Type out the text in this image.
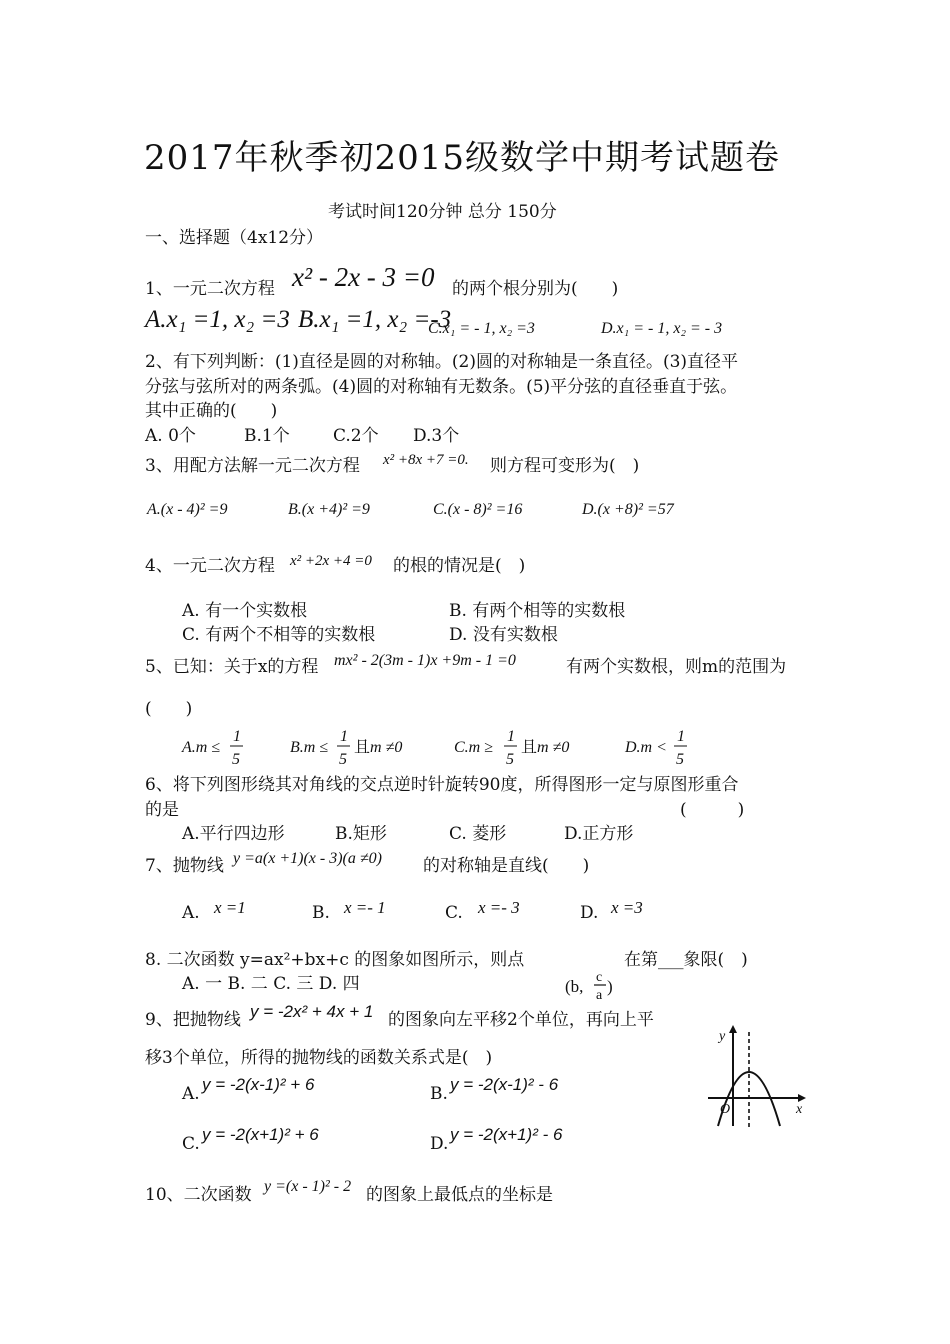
2017年秋季初2015级数学中期考试题卷
考试时间120分钟 总分 150分
一、选择题（4x12分）
1、一元二次方程 x² - 2x - 3 =0 的两个根分别为(　　)
A.x₁ =1, x₂ =3 B.x₁ =1, x₂ =-3
C.x₁ = - 1, x₂ =3	D.x₁ = - 1, x₂ = - 3
2、有下列判断：(1)直径是圆的对称轴。(2)圆的对称轴是一条直径。(3)直径平
分弦与弦所对的两条弧。(4)圆的对称轴有无数条。(5)平分弦的直径垂直于弦。
其中正确的(　　)
A. 0个	B.1个	C.2个 D.3个
3、用配方法解一元二次方程 x² +8x +7 =0. 则方程可变形为(　)
A.(x - 4)² =9	B.(x +4)² =9	C.(x - 8)² =16	D.(x +8)² =57
4、一元二次方程 x² +2x +4 =0 的根的情况是(　)
A. 有一个实数根	B. 有两个相等的实数根
C. 有两个不相等的实数根	D. 没有实数根
5、已知：关于x的方程 mx² - 2(3m - 1)x +9m - 1 =0	有两个实数根，则m的范围为
(　　)
A.m ≤
1
5
B.m ≤
1
5
且 m ≠0	C.m ≥
1
5
且 m ≠0	D.m <
1
5
6、将下列图形绕其对角线的交点逆时针旋转90度，所得图形一定与原图形重合
的是	(　　　)
A.平行四边形	B.矩形	C. 菱形	D.正方形
7、抛物线 y =a(x +1)(x - 3)(a ≠0) 的对称轴是直线(　　)
A. x =1	B. x =- 1	C. x =- 3	D. x =3
8. 二次函数 y=ax²+bx+c 的图象如图所示，则点
(b, c
a )
在第___象限(　)
A. 一 B. 二 C. 三 D. 四
9、把抛物线 y = -2x² + 4x + 1 的图象向左平移2个单位，再向上平
移3个单位，所得的抛物线的函数关系式是(　)
A. y = -2(x-1)² + 6	B. y = -2(x-1)² - 6
C. y = -2(x+1)² + 6	D. y = -2(x+1)² - 6
y
x
O
10、二次函数 y =(x - 1)² - 2 的图象上最低点的坐标是
